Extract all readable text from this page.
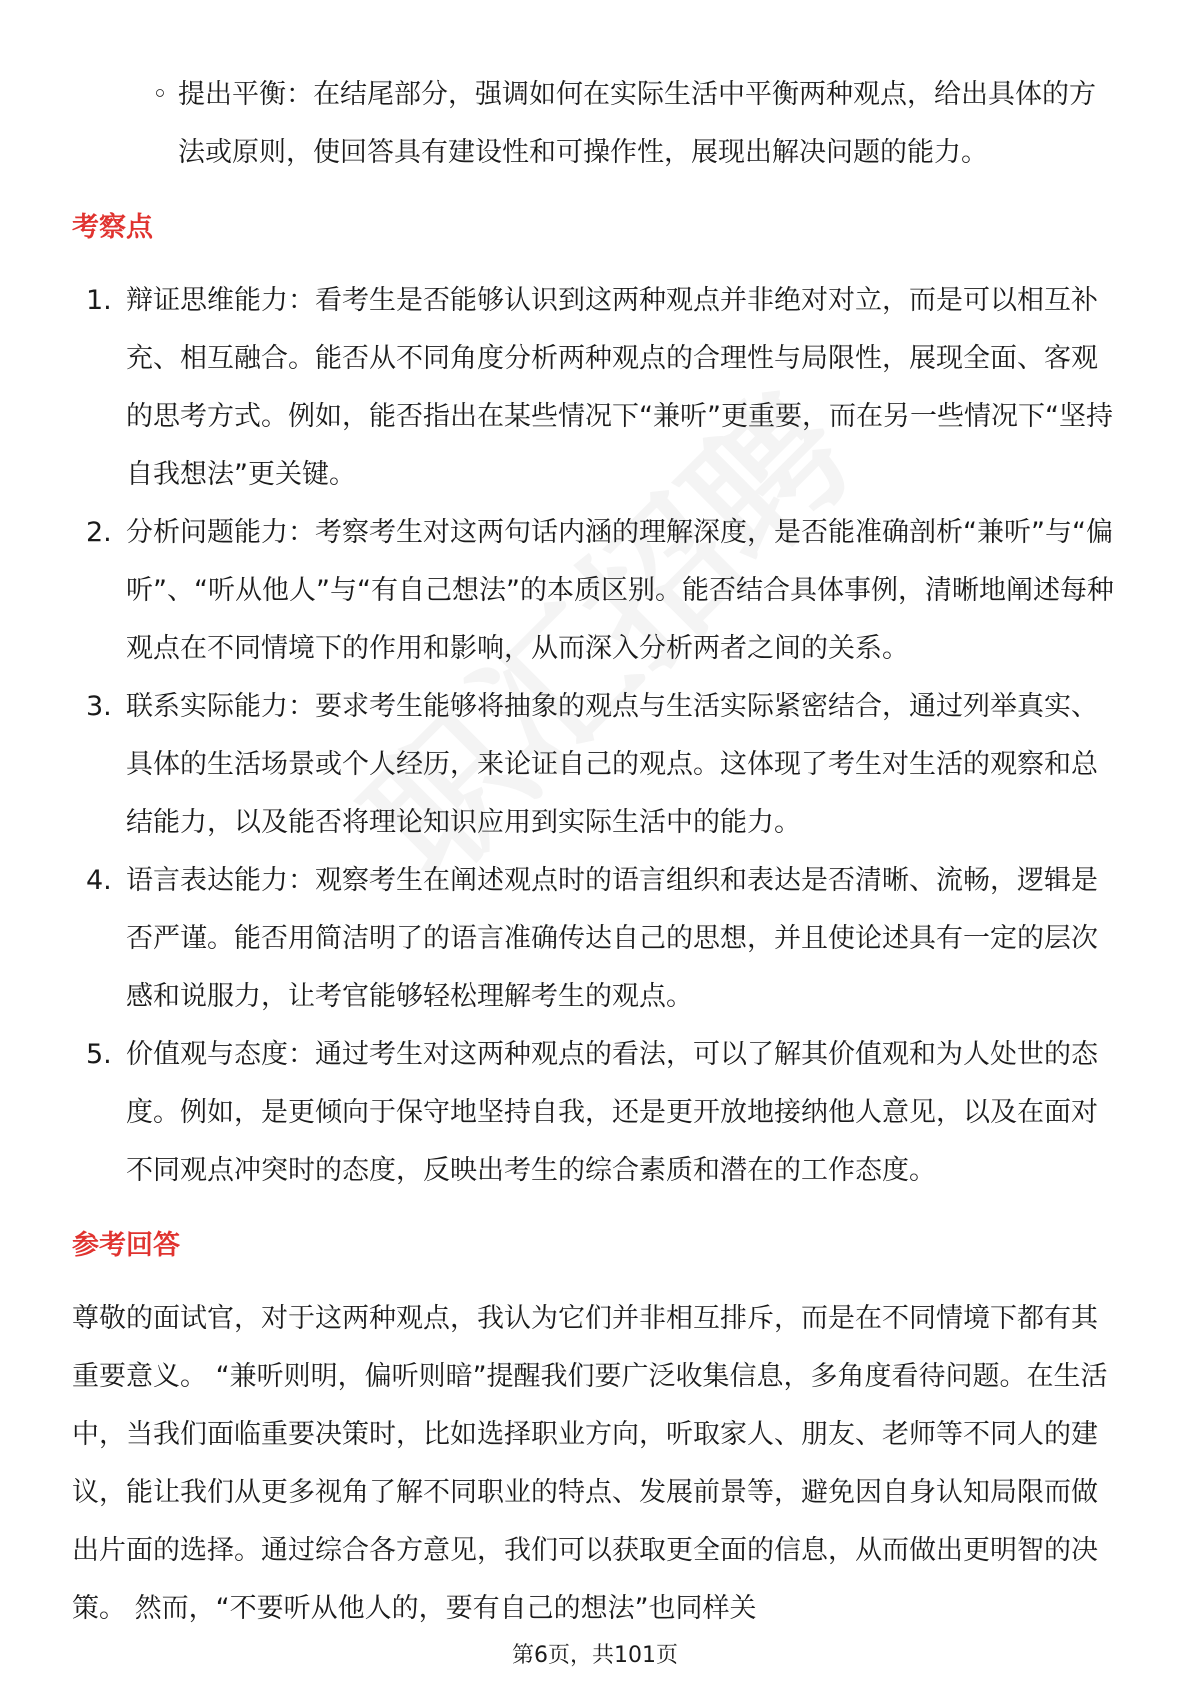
◦ 提出平衡：在结尾部分，强调如何在实际生活中平衡两种观点，给出具体的方法或原则，使回答具有建设性和可操作性，展现出解决问题的能力。
考察点
1. 辩证思维能力：看考生是否能够认识到这两种观点并非绝对对立，而是可以相互补充、相互融合。能否从不同角度分析两种观点的合理性与局限性，展现全面、客观的思考方式。例如，能否指出在某些情况下“兼听”更重要，而在另一些情况下“坚持自我想法”更关键。
2. 分析问题能力：考察考生对这两句话内涵的理解深度，是否能准确剖析“兼听”与“偏听”、“听从他人”与“有自己想法”的本质区别。能否结合具体事例，清晰地阐述每种观点在不同情境下的作用和影响，从而深入分析两者之间的关系。
3. 联系实际能力：要求考生能够将抽象的观点与生活实际紧密结合，通过列举真实、具体的生活场景或个人经历，来论证自己的观点。这体现了考生对生活的观察和总结能力，以及能否将理论知识应用到实际生活中的能力。
4. 语言表达能力：观察考生在阐述观点时的语言组织和表达是否清晰、流畅，逻辑是否严谨。能否用简洁明了的语言准确传达自己的思想，并且使论述具有一定的层次感和说服力，让考官能够轻松理解考生的观点。
5. 价值观与态度：通过考生对这两种观点的看法，可以了解其价值观和为人处世的态度。例如，是更倾向于保守地坚持自我，还是更开放地接纳他人意见，以及在面对不同观点冲突时的态度，反映出考生的综合素质和潜在的工作态度。
参考回答

尊敬的面试官，对于这两种观点，我认为它们并非相互排斥，而是在不同情境下都有其重要意义。 “兼听则明，偏听则暗”提醒我们要广泛收集信息，多角度看待问题。在生活中，当我们面临重要决策时，比如选择职业方向，听取家人、朋友、老师等不同人的建议，能让我们从更多视角了解不同职业的特点、发展前景等，避免因自身认知局限而做出片面的选择。通过综合各方意见，我们可以获取更全面的信息，从而做出更明智的决策。 然而，“不要听从他人的，要有自己的想法”也同样关

第6页，共101页
